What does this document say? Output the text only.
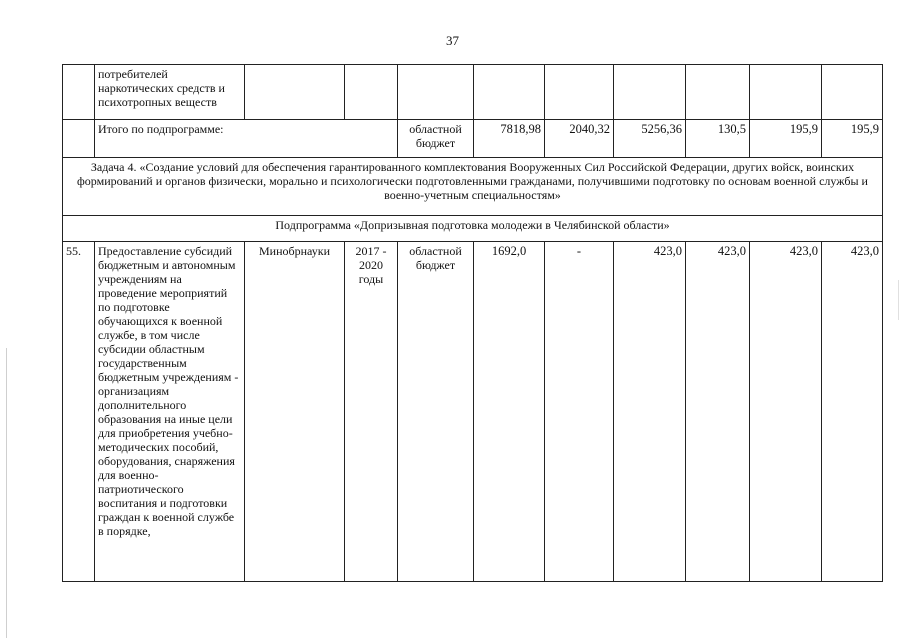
37
	потребителей наркотических средств и психотропных веществ									
	Итого по подпрограмме:			областной бюджет	7818,98	2040,32	5256,36	130,5	195,9	195,9
Задача 4. «Создание условий для обеспечения гарантированного комплектования Вооруженных Сил Российской Федерации, других войск, воинских формирований и органов физически, морально и психологически подготовленными гражданами, получившими подготовку по основам военной службы и военно-учетным специальностям»										
Подпрограмма «Допризывная подготовка молодежи в Челябинской области»										
55.	Предоставление субсидий бюджетным и автономным учреждениям на проведение мероприятий по подготовке обучающихся к военной службе, в том числе субсидии областным государственным бюджетным учреждениям - организациям дополнительного образования на иные цели для приобретения учебно-методических пособий, оборудования, снаряжения для военно-патриотического воспитания и подготовки граждан к военной службе в порядке,	Минобрнауки	2017 - 2020 годы	областной бюджет	1692,0	-	423,0	423,0	423,0	423,0
